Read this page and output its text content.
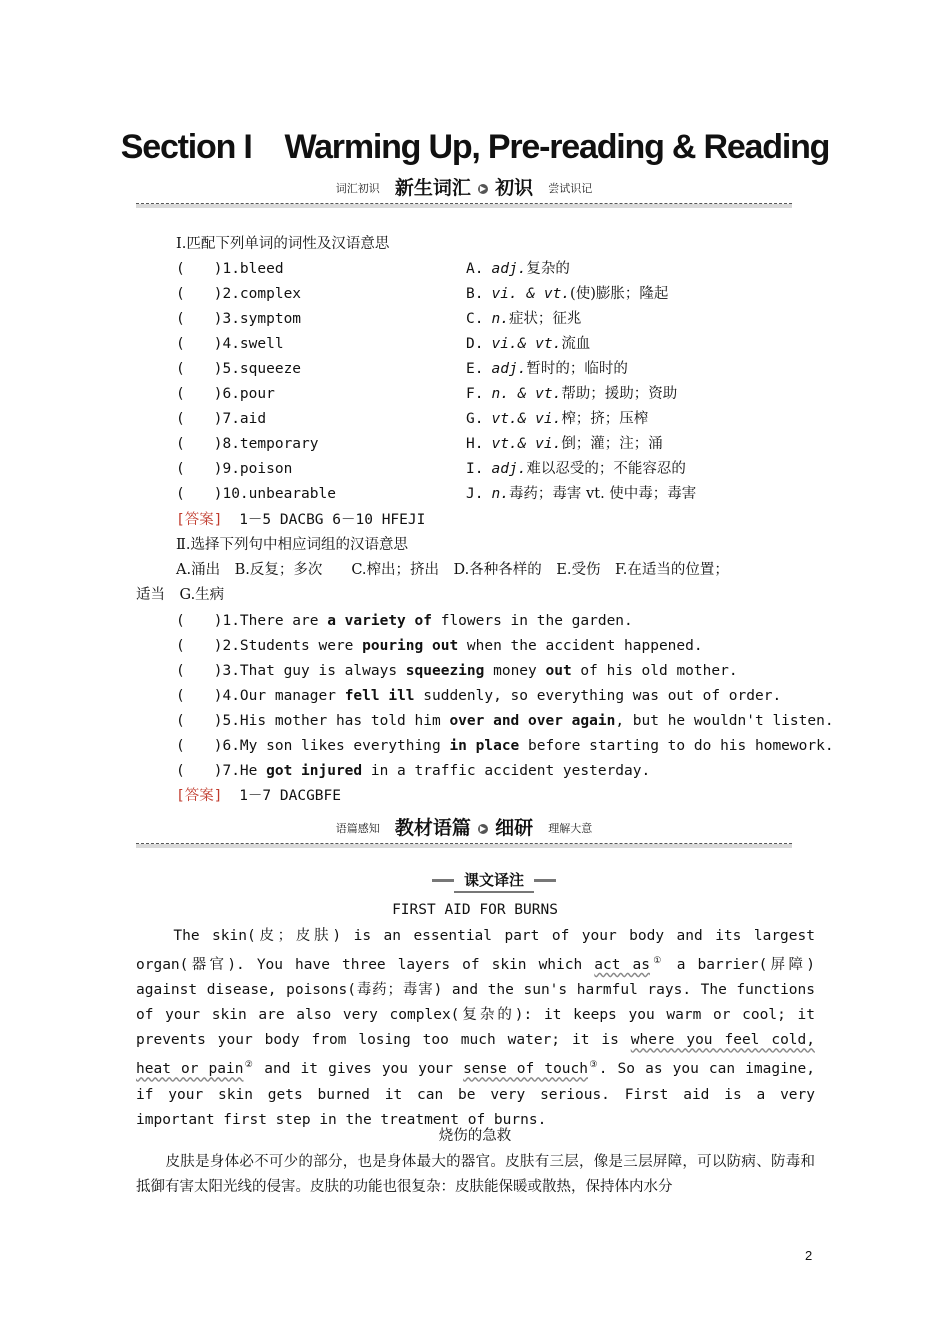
Section I Warming Up, Pre-reading & Reading
词汇初识 新生词汇 ▶ 初识 尝试识记
Ⅰ.匹配下列单词的词性及汉语意思
(　　)1.bleed
(　　)2.complex
(　　)3.symptom
(　　)4.swell
(　　)5.squeeze
(　　)6.pour
(　　)7.aid
(　　)8.temporary
(　　)9.poison
(　　)10.unbearable
A. adj.复杂的
B. vi. & vt.(使)膨胀；隆起
C. n.症状；征兆
D. vi.& vt.流血
E. adj.暂时的；临时的
F. n. & vt.帮助；援助；资助
G. vt.& vi.榨；挤；压榨
H. vt.& vi.倒；灌；注；涌
I. adj.难以忍受的；不能容忍的
J. n.毒药；毒害 vt. 使中毒；毒害
[答案] 1－5 DACBG 6－10 HFEJI
Ⅱ.选择下列句中相应词组的汉语意思
A.涌出 B.反复；多次  C.榨出；挤出 D.各种各样的 E.受伤 F.在适当的位置；
适当 G.生病
(　　)1.There are a variety of flowers in the garden.
(　　)2.Students were pouring out when the accident happened.
(　　)3.That guy is always squeezing money out of his old mother.
(　　)4.Our manager fell ill suddenly, so everything was out of order.
(　　)5.His mother has told him over and over again, but he wouldn't listen.
(　　)6.My son likes everything in place before starting to do his homework.
(　　)7.He got injured in a traffic accident yesterday.
[答案] 1－7 DACGBFE
语篇感知 教材语篇 ▶ 细研 理解大意
课文译注
FIRST AID FOR BURNS
The skin(皮；皮肤) is an essential part of your body and its largest organ(器官). You have three layers of skin which act as① a barrier(屏障) against disease, poisons(毒药；毒害) and the sun's harmful rays. The functions of your skin are also very complex(复杂的): it keeps you warm or cool; it prevents your body from losing too much water; it is where you feel cold, heat or pain② and it gives you your sense of touch③. So as you can imagine, if your skin gets burned it can be very serious. First aid is a very important first step in the treatment of burns.
烧伤的急救
　　皮肤是身体必不可少的部分，也是身体最大的器官。皮肤有三层，像是三层屏障，可以防病、防毒和抵御有害太阳光线的侵害。皮肤的功能也很复杂：皮肤能保暖或散热，保持体内水分
2
